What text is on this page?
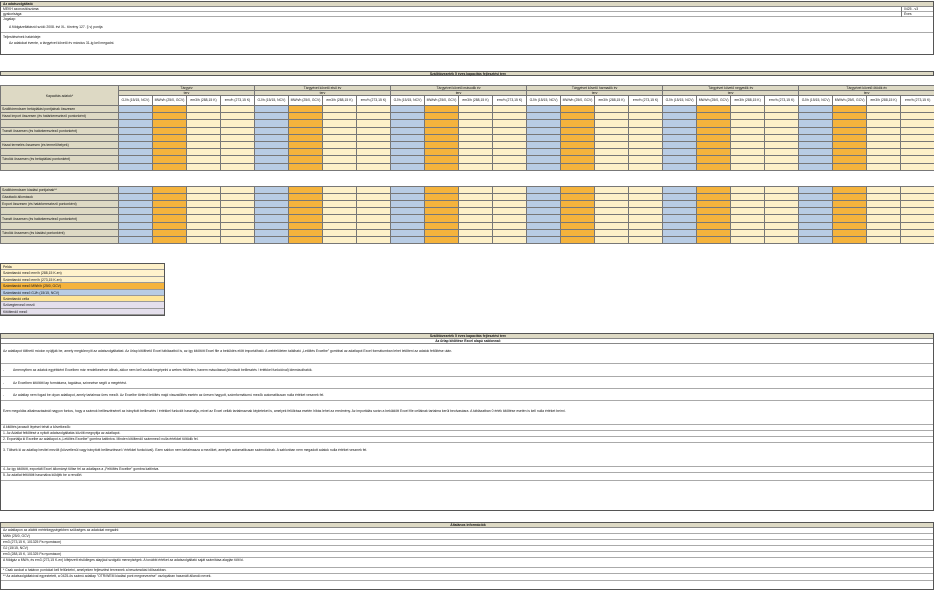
Az adatszolgáltató
MEKH azonosítószáma:	0425 - v3
gyakorisága:	Éves
Jogalap:
A földgázellátásról szóló 2008. évi XL. törvény 127. § v) pontja
Teljesítésének határideje:
Az adatokat évente, a tárgyévet követő év március 31-ig kell megadni.
Szállítóvezeték 5 éves kapacitás fejlesztési terv
Kapacitás adatok*	Tárgyév				Tárgyévet követő első év				Tárgyévet követő második év				Tárgyévet követő harmadik év				Tárgyévet követő negyedik év				Tárgyévet követő ötödik év			
	terv				terv				terv				terv				terv				terv			
	GJ/h (15/15, NCV)	MWh/h (25/0, GCV)	em3/h (288,15 K)	em³/h (273,15 K)	GJ/h (15/15, NCV)	MWh/h (25/0, GCV)	em3/h (288,15 K)	em³/h (273,15 K)	GJ/h (15/15, NCV)	MWh/h (25/0, GCV)	em3/h (288,15 K)	em³/h (273,15 K)	GJ/h (15/15, NCV)	MWh/h (25/0, GCV)	em3/h (288,15 K)	em³/h (273,15 K)	GJ/h (15/15, NCV)	MWh/h (25/0, GCV)	em3/h (288,15 K)	em³/h (273,15 K)	GJ/h (15/15, NCV)	MWh/h (25/0, GCV)	em3/h (288,15 K)	em³/h (273,15 K)
Szállítórendszer betáplálási pontjainak összesen																								
Hazai import összesen (és határkeresztező pontonként)																								

Tranzit összesen (és határkeresztező pontonként)																								

Hazai termelés összesen (és termelőhelyek)																								

Tárolók összesen (és betáplálási pontonként)																								

Szállítórendszer kiadási pontjainak**																								
Gázátadó állomások																								
Export összesen (és határkeresztező pontonként)																								

Tranzit összesen (és határkeresztező pontonként)																								

Tárolók összesen (és kiadási pontonként)																								

Pelda
Számítandó mező em³/h (288,15 K-en)
Számítandó mező em³/h (273,15 K-en)
Számítandó mező MWh/h (25/0, GCV)
Számítandó mező GJ/h (15/15, NCV)
Számítandó cella
Szövegtervező mező
Kitöltendő mező
Szállítóvezeték 5 éves kapacitás fejlesztési terv
Az űrlap kitöltése Excel alapú sablonnal:
Az adatlapot tölthető módon nyújtják be, amely megkönnyíti az adatszolgáltatást. Az űrlap kitölthető Excel táblázatból is, az így kitöltött Excel file a beküldés előtt importálható. A webfelületen található „Letöltés Excelbe” gombbal az adatlapot Excel formátumban lehet letölteni az adatok feltöltése után.
-	Amennyiben az adatok egyébként Excelben már rendelkezésre állnak, akkor nem kell azokat begépelni a webes felületen, hanem másolással (kimásolt beillesztés / értékkel funkcióval) idemásolhatók.
-	Az Excelben kitöltött lap formátuma, tagolása, színezése segíti a megértést.
-	Az adatlap nem fogad be olyan adatlapot, amely tartalmaz üres mezőt. Az Excelbe történő letöltés majd visszatöltés esetén az üresen hagyott, számformátumú mezők automatikusan nulla értéket vesznek fel.
Ezen megoldás alkalmazásánál nagyon fontos, hogy a számok beillesztésénél az irányított beillesztés / értékkel funkciót használja, mivel az Excel cellák tartalmaznak képleteket is, amelyek felülírása esetén hibás lehet az eredmény. Az importálás során a beküldött Excel file celláinak tartalma kerül beolvasásra. A táblázatban 0 érték kitöltése esetén is kell nulla értéket beírni.
A kitöltés javasolt lépései tehát a következők:
1. Az Adatlat feltöltésé a nyitott adatszolgáltatás között megnyitja az adatlapot.
2. Exportálja ki Excelbe az adatlapot a „Letöltés Excelbe” gombra kattintva. Minden kitöltendő számmező nulla értékkel töltődik fel.
3. Töltsék ki az adatlap bevitel mezőit (közvetlenül vagy irányított beillesztéssel / értékkel funkcióval). Ezen sablon nem tartalmazza a mezőket, amelyek automatikusan számolódnak. A sablonban nem megadott adatok nulla értéket vesznek fel.
4. Az így kitöltött, exportált Excel állományt töltse fel az adatlapra a „Feltöltés Excelbe” gombra kattintva.
5. Az adatlat feltöltött használva küldjék be a rendőrt.
Általános információk
Az adatlapon az alábbi mértékegységekben szükséges az adatokat megadni:
MWh (25/0, GCV)
em3 (273,15 K, 101325 Pa nyomáson)
GJ (15/15, NCV)
em3 (288,15 K, 101325 Pa nyomáson)
A földgáz a MWh, és em3 (273,15 K-en) kifejezett elsődleges alapjául szolgáló mennyiségek. A további értéket az adatszolgáltató saját számítása alapján tölti ki.
* Csak azokat a határon pontokat kell feltüntetni, amelyeken fejlesztést terveznek a beszámolási időszakban.
** Az adatszolgáltatóval egyeztetett, a 0425-ös számú adatlap "OTR/WEM kiadási pont megnevezése" oszlopában használt állandó nevek.
